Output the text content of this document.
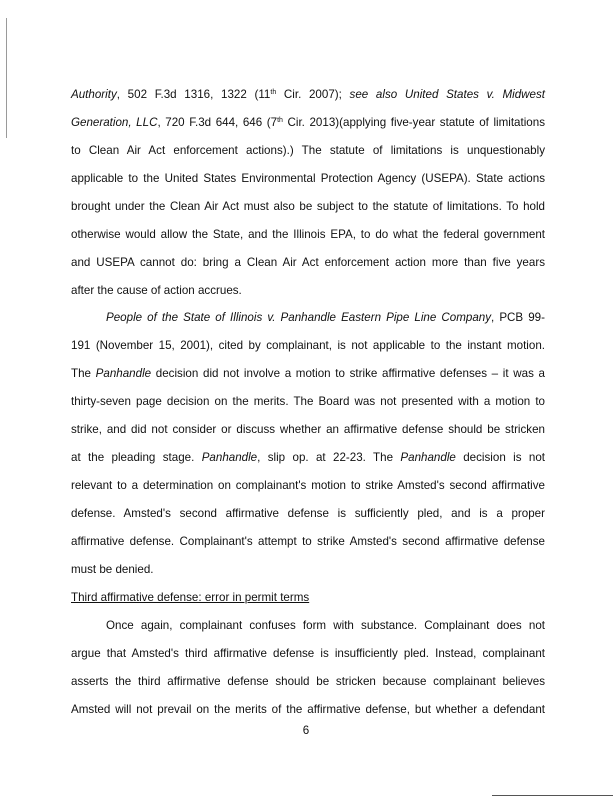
Authority, 502 F.3d 1316, 1322 (11th Cir. 2007); see also United States v. Midwest
Generation, LLC, 720 F.3d 644, 646 (7th Cir. 2013)(applying five-year statute of limitations
to Clean Air Act enforcement actions).) The statute of limitations is unquestionably
applicable to the United States Environmental Protection Agency (USEPA). State actions
brought under the Clean Air Act must also be subject to the statute of limitations. To hold
otherwise would allow the State, and the Illinois EPA, to do what the federal government
and USEPA cannot do: bring a Clean Air Act enforcement action more than five years
after the cause of action accrues.
People of the State of Illinois v. Panhandle Eastern Pipe Line Company, PCB 99-
191 (November 15, 2001), cited by complainant, is not applicable to the instant motion.
The Panhandle decision did not involve a motion to strike affirmative defenses – it was a
thirty-seven page decision on the merits. The Board was not presented with a motion to
strike, and did not consider or discuss whether an affirmative defense should be stricken
at the pleading stage. Panhandle, slip op. at 22-23. The Panhandle decision is not
relevant to a determination on complainant's motion to strike Amsted's second affirmative
defense. Amsted's second affirmative defense is sufficiently pled, and is a proper
affirmative defense. Complainant's attempt to strike Amsted's second affirmative defense
must be denied.
Third affirmative defense: error in permit terms
Once again, complainant confuses form with substance. Complainant does not
argue that Amsted's third affirmative defense is insufficiently pled. Instead, complainant
asserts the third affirmative defense should be stricken because complainant believes
Amsted will not prevail on the merits of the affirmative defense, but whether a defendant
6
